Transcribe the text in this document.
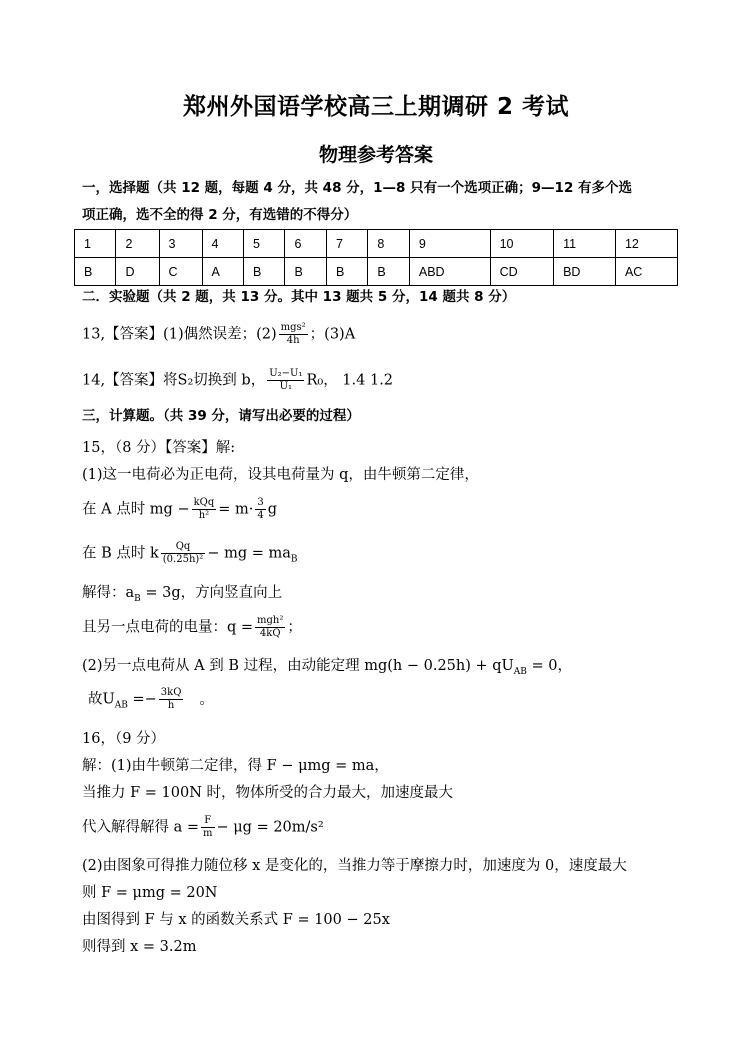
郑州外国语学校高三上期调研 2 考试
物理参考答案
一，选择题（共 12 题，每题 4 分，共 48 分，1—8 只有一个选项正确；9—12 有多个选
项正确，选不全的得 2 分，有选错的不得分）
1	2	3	4	5	6	7	8	9	10	11	12
B	D	C	A	B	B	B	B	ABD	CD	BD	AC
二．实验题（共 2 题，共 13 分。其中 13 题共 5 分，14 题共 8 分）
13,【答案】(1)偶然误差；$(2) \frac{\text{mgs²}}{4h}$ ；(3)A
14,【答案】将S₂切换到 b， $\frac{\text{U₂−U₁}}{\text{U₁}} R_0$， 1.4 1.2
三，计算题。（共 39 分，请写出必要的过程）
15，（8 分）【答案】解:
(1)这一电荷必为正电荷，设其电荷量为 q，由牛顿第二定律，
在 A 点时 mg − $\frac{\text{kQq}}{\text{h²}} = m\cdot \frac{3}{4}$ g
在 B 点时 k $\frac{Qq}{\text{(0.25h)²}}$ − mg = $ma_B$
解得：$a_B = 3g$，方向竖直向上
且另一点电荷的电量：$q = \frac{\text{mgh²}}{4kQ}$ ；
(2)另一点电荷从 A 到 B 过程，由动能定理 $mg(h - 0.25h) + qU_{AB} = 0$，
故$U_{AB} =- \frac{3kQ}{h}$ 。
16，（9 分）
解：(1)由牛顿第二定律，得 F − μmg = ma，
当推力 F = 100N 时，物体所受的合力最大，加速度最大
代入解得解得 $a = \frac{F}{m} - \mu g = 20m/s^2$
(2)由图象可得推力随位移 x 是变化的，当推力等于摩擦力时，加速度为 0，速度最大
则 F = μmg = 20N
由图得到 F 与 x 的函数关系式 F = 100 − 25x
则得到 x = 3.2m
